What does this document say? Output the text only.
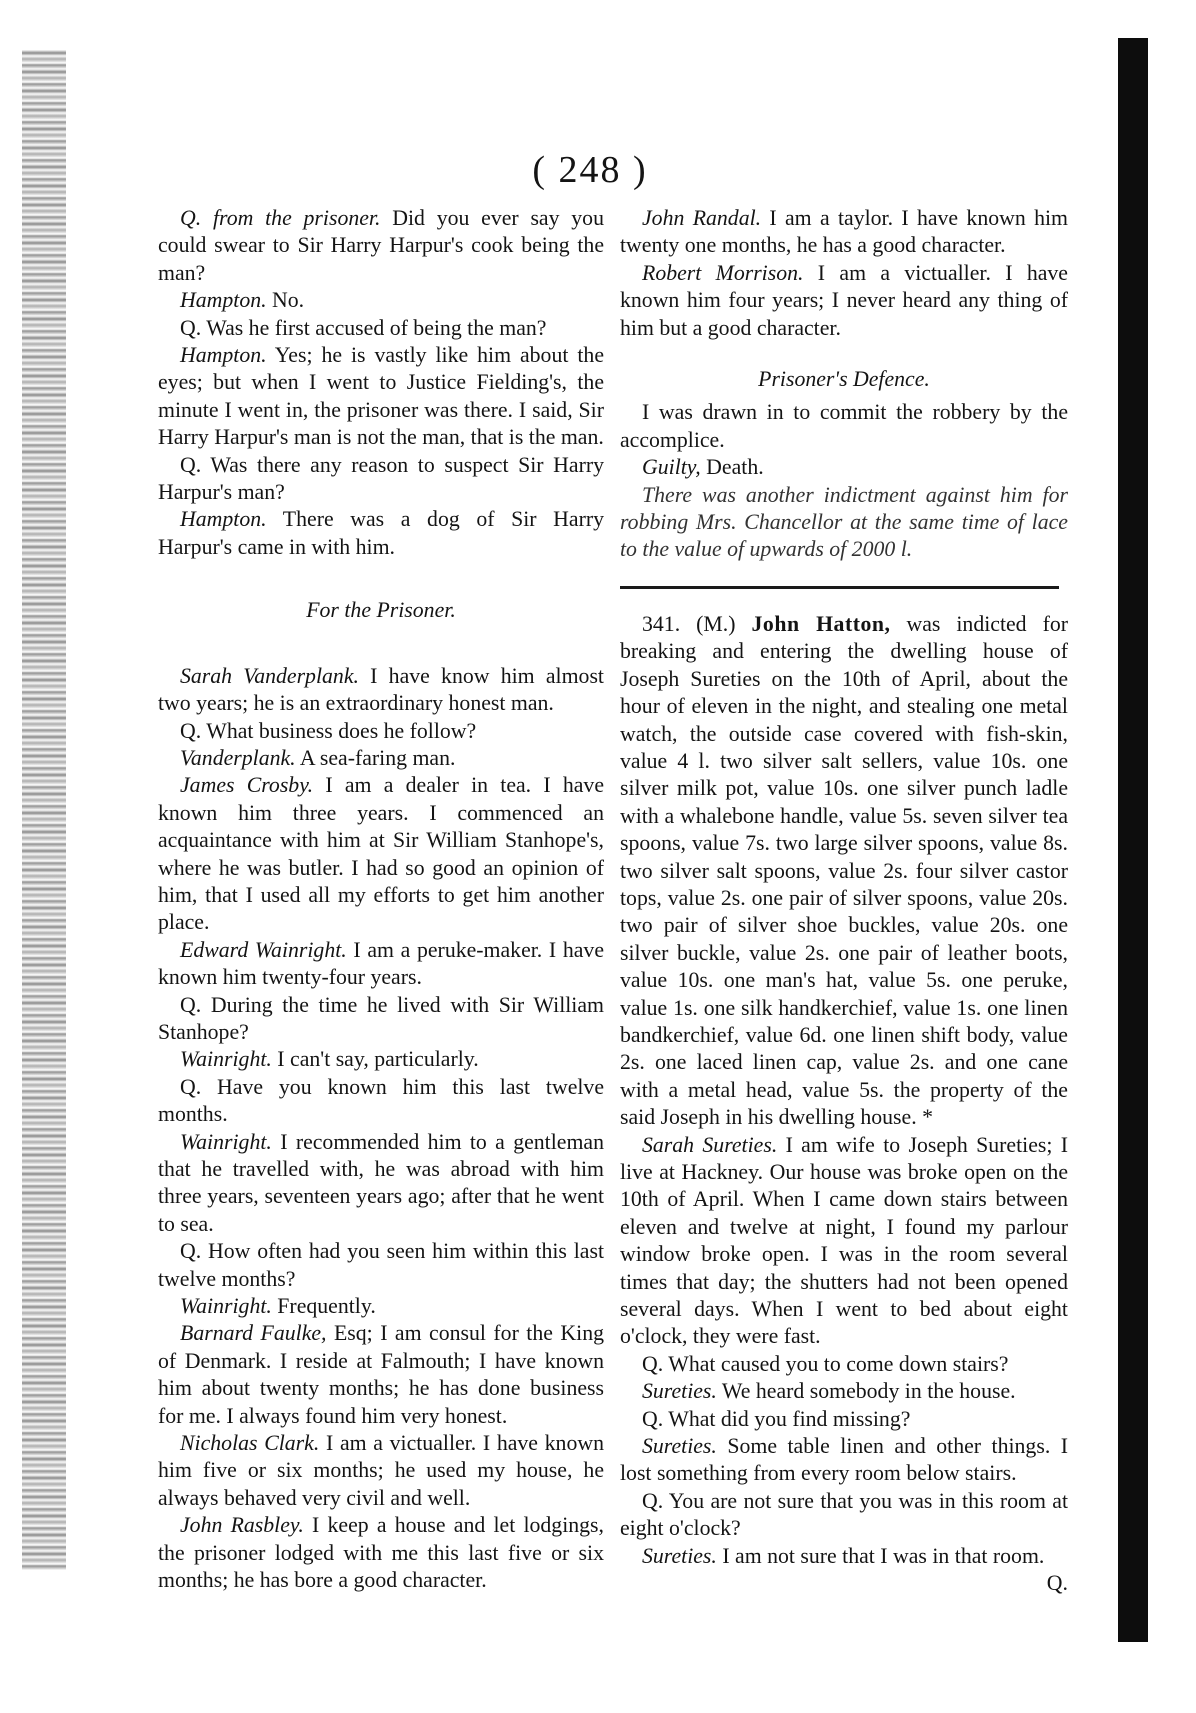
( 248 )

Q. from the prisoner. Did you ever say you could swear to Sir Harry Harpur's cook being the man?

Hampton. No.

Q. Was he first accused of being the man?

Hampton. Yes; he is vastly like him about the eyes; but when I went to Justice Fielding's, the minute I went in, the prisoner was there. I said, Sir Harry Harpur's man is not the man, that is the man.

Q. Was there any reason to suspect Sir Harry Harpur's man?

Hampton. There was a dog of Sir Harry Harpur's came in with him.

For the Prisoner.

Sarah Vanderplank. I have know him almost two years; he is an extraordinary honest man.

Q. What business does he follow?

Vanderplank. A sea-faring man.

James Crosby. I am a dealer in tea. I have known him three years. I commenced an acquaintance with him at Sir William Stanhope's, where he was butler. I had so good an opinion of him, that I used all my efforts to get him another place.

Edward Wainright. I am a peruke-maker. I have known him twenty-four years.

Q. During the time he lived with Sir William Stanhope?

Wainright. I can't say, particularly.

Q. Have you known him this last twelve months.

Wainright. I recommended him to a gentleman that he travelled with, he was abroad with him three years, seventeen years ago; after that he went to sea.

Q. How often had you seen him within this last twelve months?

Wainright. Frequently.

Barnard Faulke, Esq; I am consul for the King of Denmark. I reside at Falmouth; I have known him about twenty months; he has done business for me. I always found him very honest.

Nicholas Clark. I am a victualler. I have known him five or six months; he used my house, he always behaved very civil and well.

John Rasbley. I keep a house and let lodgings, the prisoner lodged with me this last five or six months; he has bore a good character.

John Randal. I am a taylor. I have known him twenty one months, he has a good character.

Robert Morrison. I am a victualler. I have known him four years; I never heard any thing of him but a good character.

Prisoner's Defence.

I was drawn in to commit the robbery by the accomplice.

Guilty, Death.

There was another indictment against him for robbing Mrs. Chancellor at the same time of lace to the value of upwards of 2000 l.

341. (M.) John Hatton, was indicted for breaking and entering the dwelling house of Joseph Sureties on the 10th of April, about the hour of eleven in the night, and stealing one metal watch, the outside case covered with fish-skin, value 4 l. two silver salt sellers, value 10s. one silver milk pot, value 10s. one silver punch ladle with a whalebone handle, value 5s. seven silver tea spoons, value 7s. two large silver spoons, value 8s. two silver salt spoons, value 2s. four silver castor tops, value 2s. one pair of silver spoons, value 20s. two pair of silver shoe buckles, value 20s. one silver buckle, value 2s. one pair of leather boots, value 10s. one man's hat, value 5s. one peruke, value 1s. one silk handkerchief, value 1s. one linen bandkerchief, value 6d. one linen shift body, value 2s. one laced linen cap, value 2s. and one cane with a metal head, value 5s. the property of the said Joseph in his dwelling house. *

Sarah Sureties. I am wife to Joseph Sureties; I live at Hackney. Our house was broke open on the 10th of April. When I came down stairs between eleven and twelve at night, I found my parlour window broke open. I was in the room several times that day; the shutters had not been opened several days. When I went to bed about eight o'clock, they were fast.

Q. What caused you to come down stairs?

Sureties. We heard somebody in the house.

Q. What did you find missing?

Sureties. Some table linen and other things. I lost something from every room below stairs.

Q. You are not sure that you was in this room at eight o'clock?

Sureties. I am not sure that I was in that room.

Q.
